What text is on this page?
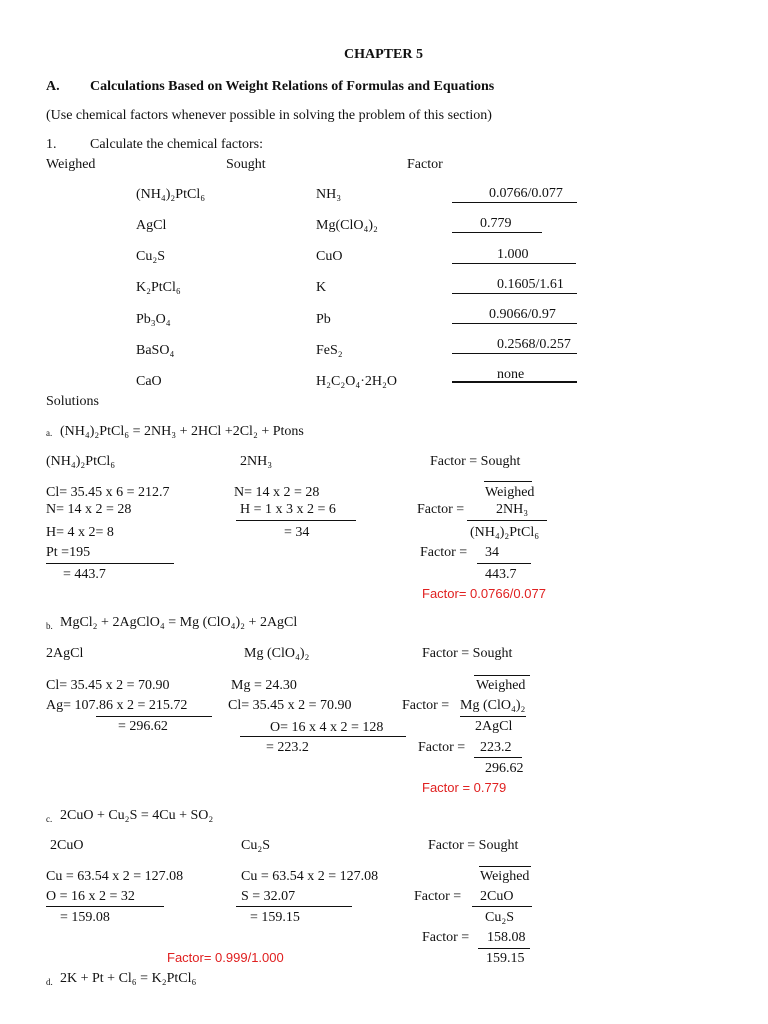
CHAPTER 5
A. Calculations Based on Weight Relations of Formulas and Equations
(Use chemical factors whenever possible in solving the problem of this section)
1. Calculate the chemical factors:
Weighed	Sought	Factor
(NH₄)₂PtCl₆	NH₃	0.0766/0.077
AgCl	Mg(ClO₄)₂	0.779
Cu₂S	CuO	1.000
K₂PtCl₆	K	0.1605/1.61
Pb₃O₄	Pb	0.9066/0.97
BaSO₄	FeS₂	0.2568/0.257
CaO	H₂C₂O₄·2H₂O	none
Solutions
a. (NH₄)₂PtCl₆ = 2NH₃ + 2HCl +2Cl₂ + Ptons
(NH₄)₂PtCl₆
Cl= 35.45 x 6 = 212.7
N= 14 x 2 = 28
H= 4 x 2= 8
Pt =195
= 443.7
2NH₃
N= 14 x 2 = 28
H = 1 x 3 x 2 = 6
= 34
Factor = Sought
Weighed
Factor = 2NH₃
(NH₄)₂PtCl₆
Factor = 34
443.7
Factor= 0.0766/0.077
b. MgCl₂ + 2AgClO₄ = Mg (ClO₄)₂ + 2AgCl
2AgCl
Cl= 35.45 x 2 = 70.90
Ag= 107.86 x 2 = 215.72
= 296.62
Mg (ClO₄)₂
Mg = 24.30
Cl= 35.45 x 2 = 70.90
O= 16 x 4 x 2 = 128
= 223.2
Factor = Sought
Weighed
Factor = Mg (ClO₄)₂
2AgCl
Factor = 223.2
296.62
Factor = 0.779
c. 2CuO + Cu₂S = 4Cu + SO₂
2CuO
Cu = 63.54 x 2 = 127.08
O = 16 x 2 = 32
= 159.08
Cu₂S
Cu = 63.54 x 2 = 127.08
S = 32.07
= 159.15
Factor = Sought
Weighed
Factor = 2CuO
Cu₂S
Factor = 158.08
159.15
Factor= 0.999/1.000
d. 2K + Pt + Cl₆ = K₂PtCl₆
